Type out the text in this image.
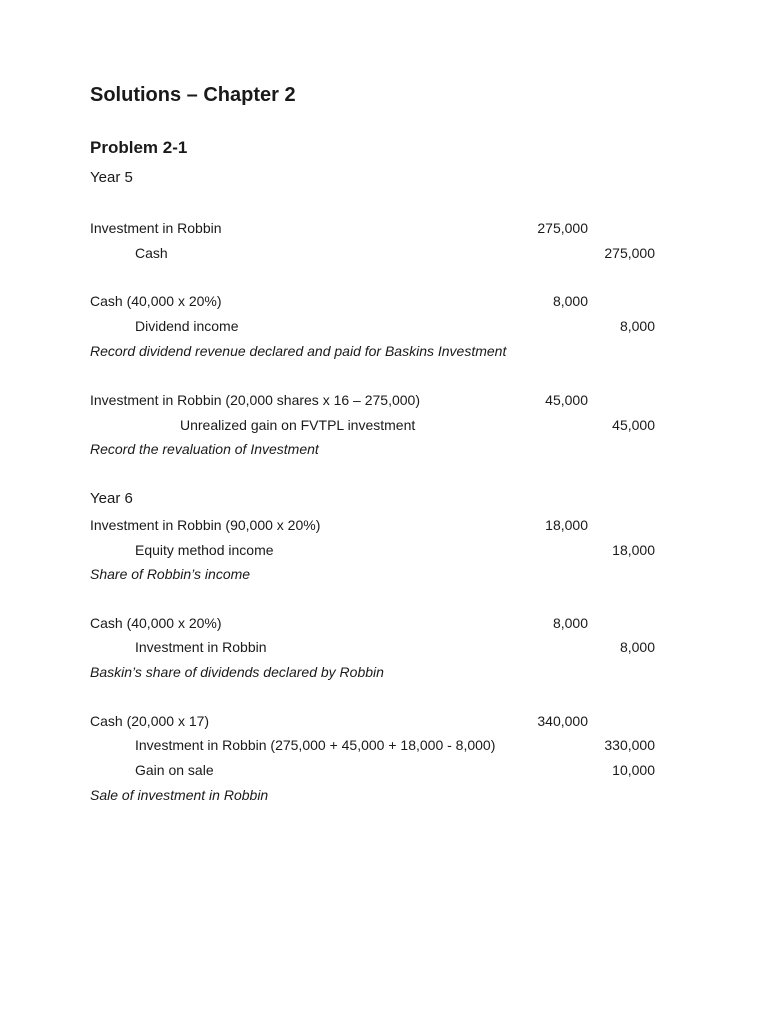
Solutions – Chapter 2
Problem 2-1
Year 5
Investment in Robbin	275,000
Cash	275,000
Cash (40,000 x 20%)	8,000
Dividend income	8,000
Record dividend revenue declared and paid for Baskins Investment
Investment in Robbin (20,000 shares x 16 – 275,000)	45,000
Unrealized gain on FVTPL investment	45,000
Record the revaluation of Investment
Year 6
Investment in Robbin (90,000 x 20%)	18,000
Equity method income	18,000
Share of Robbin’s income
Cash (40,000 x 20%)	8,000
Investment in Robbin	8,000
Baskin’s share of dividends declared by Robbin
Cash (20,000 x 17)	340,000
Investment in Robbin (275,000 + 45,000 + 18,000 - 8,000)	330,000
Gain on sale	10,000
Sale of investment in Robbin
